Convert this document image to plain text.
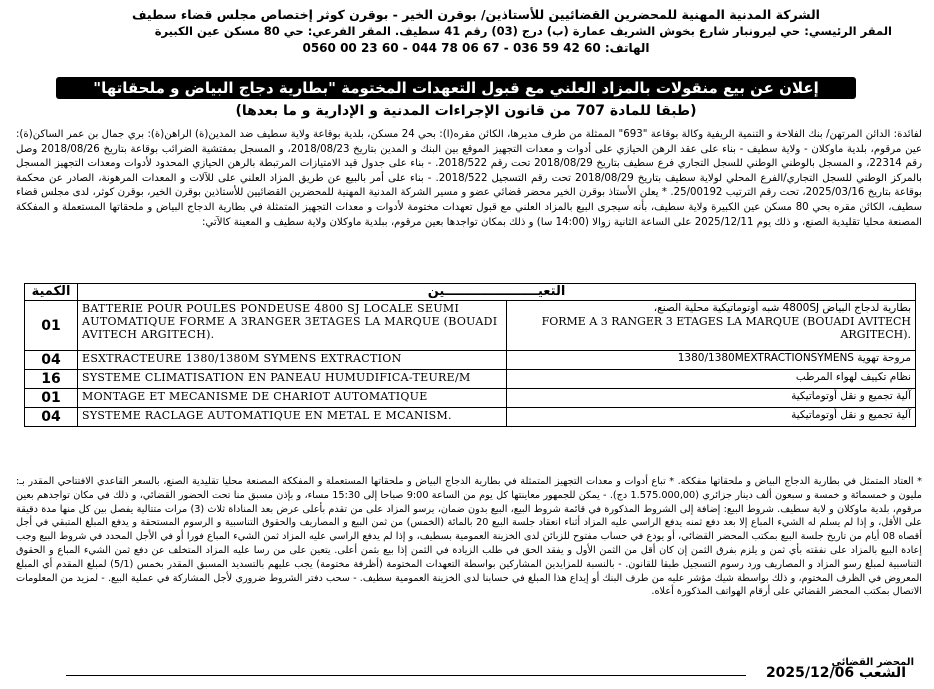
الشركة المدنية المهنية للمحضرين القضائيين للأستاذين/ بوقرن الخير - بوقرن كوثر إختصاص مجلس قضاء سطيف
المقر الرئيسي: حي ليرونبار شارع بخوش الشريف عمارة (ب) درج (03) رقم 41 سطيف. المقر الفرعي: حي 80 مسكن عين الكبيرة
الهاتف: 60 42 59 036 - 67 06 78 044 - 60 23 00 0560
إعلان عن بيع منقولات بالمزاد العلني مع قبول التعهدات المختومة "بطارية دجاج البياض و ملحقاتها"
(طبقا للمادة 707 من قانون الإجراءات المدنية و الإدارية و ما بعدها)
لفائدة: الدائن المرتهن/ بنك الفلاحة و التنمية الريفية وكالة بوقاعة "693" الممثلة من طرف مديرها، الكائن مقره(ا): بحي 24 مسكن، بلدية بوقاعة ولاية سطيف ضد المدين(ة) الراهن(ة): بري جمال بن عمر الساكن(ة): عين مرقوم، بلدية ماوكلان - ولاية سطيف - بناء على عقد الرهن الحيازي على أدوات و معدات التجهيز الموقع بين البنك و المدين بتاريخ 2018/08/23، و المسجل بمفتشية الضرائب بوقاعة بتاريخ 2018/08/26 وصل رقم 22314، و المسجل بالوطني الوطني للسجل التجاري فرع سطيف بتاريخ 2018/08/29 تحت رقم 2018/522. - بناء على جدول قيد الامتيازات المرتبطة بالرهن الحيازي المحدود لأدوات ومعدات التجهيز المسجل بالمركز الوطني للسجل التجاري/الفرع المحلي لولاية سطيف بتاريخ 2018/08/29 تحت رقم التسجيل 2018/522. - بناء على أمر بالبيع عن طريق المزاد العلني على للآلات و المعدات المرهونة، الصادر عن محكمة بوقاعة بتاريخ 2025/03/16، تحت رقم الترتيب 25/00192. * يعلن الأستاذ بوقرن الخير محضر قضائي عضو و مسير الشركة المدنية المهنية للمحضرين القضائيين للأستاذين بوقرن الخير، بوقرن كوثر، لدى مجلس قضاء سطيف، الكائن مقره بحي 80 مسكن عين الكبيرة ولاية سطيف، بأنه سيجرى البيع بالمزاد العلني مع قبول تعهدات مختومة لأدوات و معدات التجهيز المتمثلة في بطارية الدجاج البياض و ملحقاتها المستعملة و المفككة المصنعة محليا تقليدية الصنع، و ذلك يوم 2025/12/11 على الساعة الثانية زوالا (14:00 سا) و ذلك بمكان تواجدها بعين مرقوم، ببلدية ماوكلان ولاية سطيف و المعينة كالآتي:
الكمية	التعيـــــــــــــــــــــين	
01	BATTERIE POUR POULES PONDEUSE 4800 SJ LOCALE SEUMI AUTOMATIQUE FORME A 3RANGER 3ETAGES LA MARQUE (BOUADI AVITECH ARGITECH).	بطارية لدجاج البياض 4800SJ شبه أوتوماتيكية محلية الصنع،
FORME A 3 RANGER 3 ETAGES LA MARQUE (BOUADI AVITECH ARGITECH).

04	ESXTRACTEURE 1380/1380M SYMENS EXTRACTION	مروحة تهوية 1380/1380MEXTRACTIONSYMENS
16	SYSTEME CLIMATISATION EN PANEAU HUMUDIFICA-TEURE/M	نظام تكييف لهواء المرطب
01	MONTAGE ET MECANISME DE CHARIOT AUTOMATIQUE	آلية تجميع و نقل أوتوماتيكية
04	SYSTEME RACLAGE AUTOMATIQUE EN METAL E MCANISM.	آلية تجميع و نقل أوتوماتيكية
* العتاد المتمثل في بطارية الدجاج البياض و ملحقاتها مفككة. * تباع أدوات و معدات التجهيز المتمثلة في بطارية الدجاج البياض و ملحقاتها المستعملة و المفككة المصنعة محليا تقليدية الصنع، بالسعر القاعدي الافتتاحي المقدر بـ: مليون و خمسمائة و خمسة و سبعون ألف دينار جزائري (1.575.000,00 دج). - يمكن للجمهور معاينتها كل يوم من الساعة 9:00 صباحا إلى 15:30 مساء، و بإذن مسبق منا تحت الحضور القضائي، و ذلك في مكان تواجدهم بعين مرقوم، بلدية ماوكلان و لاية سطيف. شروط البيع: إضافة إلى الشروط المذكورة في قائمة شروط البيع، البيع بدون ضمان، يرسو المزاد على من تقدم بأعلى عرض بعد المناداة ثلاث (3) مرات متتالية يفصل بين كل منها مدة دقيقة على الأقل، و إذا لم يسلم له الشيء المباع إلا بعد دفع ثمنه يدفع الراسي عليه المزاد أثناء انعقاد جلسة البيع 20 بالمائة (الخمس) من ثمن البيع و المصاريف والحقوق التناسبية و الرسوم المستحقة و يدفع المبلغ المتبقي في أجل أقصاه 08 أيام من تاريخ جلسة البيع بمكتب المحضر القضائي، أو يودع في حساب مفتوح للزبائن لدى الخزينة العمومية بسطيف، و إذا لم يدفع الراسي عليه المزاد ثمن الشيء المباع فورا أو في الأجل المحدد في شروط البيع وجب إعادة البيع بالمزاد على نفقته بأي ثمن و يلزم بفرق الثمن إن كان أقل من الثمن الأول و يفقد الحق في طلب الزيادة في الثمن إذا بيع بثمن أعلى. يتعين على من رسا عليه المزاد المتخلف عن دفع ثمن الشيء المباع و الحقوق التناسبية لمبلغ رسو المزاد و المصاريف ورد رسوم التسجيل طبقا للقانون. - بالنسبة للمزايدين المشاركين بواسطة التعهدات المختومة (أظرفة مختومة) يجب عليهم بالتسديد المسبق المقدر بخمس (5/1) لمبلغ المقدم أي المبلغ المعروض في الظرف المختوم، و ذلك بواسطة شيك مؤشر عليه من طرف البنك أو إيداع هذا المبلغ في حسابنا لدى الخزينة العمومية سطيف. - سحب دفتر الشروط ضروري لأجل المشاركة في عملية البيع. - لمزيد من المعلومات الاتصال بمكتب المحضر القضائي على أرقام الهواتف المذكورة أعلاه.
المحضر القضائي
الشعب 2025/12/06
